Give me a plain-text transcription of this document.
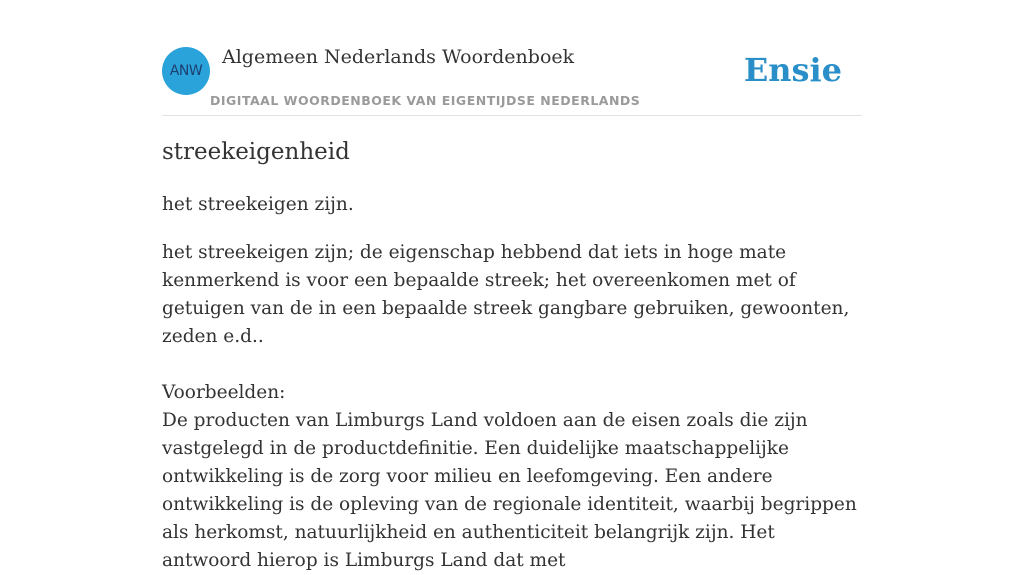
ANW
Algemeen Nederlands Woordenboek
DIGITAAL WOORDENBOEK VAN EIGENTIJDSE NEDERLANDS
Ensie
streekeigenheid
het streekeigen zijn.

het streekeigen zijn; de eigenschap hebbend dat iets in hoge mate kenmerkend is voor een bepaalde streek; het overeenkomen met of getuigen van de in een bepaalde streek gangbare gebruiken, gewoonten, zeden e.d..

Voorbeelden:
De producten van Limburgs Land voldoen aan de eisen zoals die zijn vastgelegd in de productdefinitie. Een duidelijke maatschappelijke ontwikkeling is de zorg voor milieu en leefomgeving. Een andere ontwikkeling is de opleving van de regionale identiteit, waarbij begrippen als herkomst, natuurlijkheid en authenticiteit belangrijk zijn. Het antwoord hierop is Limburgs Land dat met
